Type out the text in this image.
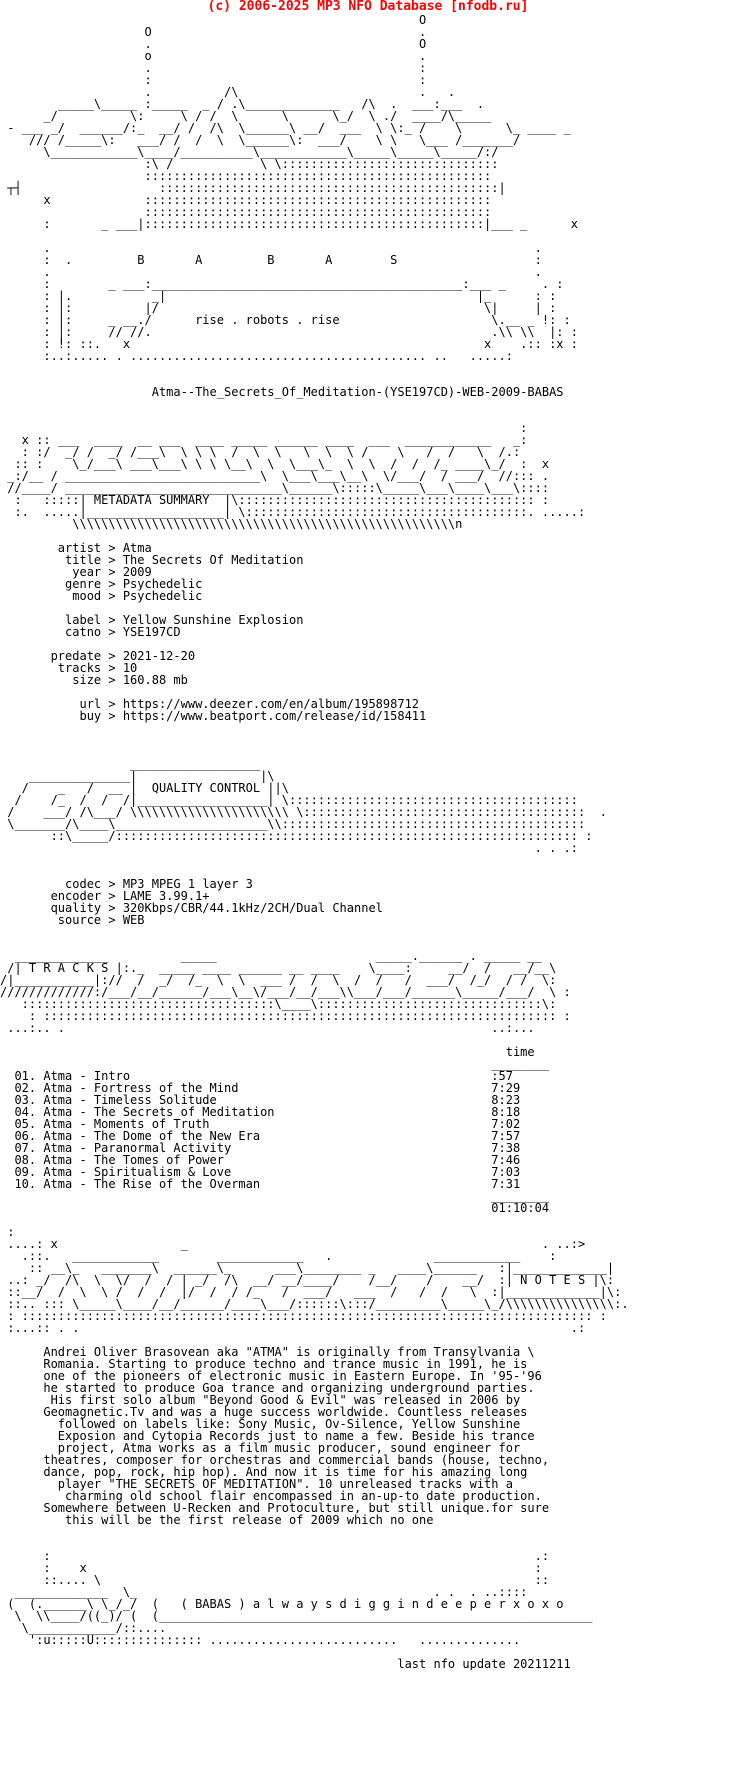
(c) 2006-2025 MP3 NFO Database [nfodb.ru]
O
O                                     .
.                                     O
o                                     .
.                                     :
:                                     :
.          /\                         .   .
_____\_____ :_____  _ / .\_____________   /\  .  ___:___  .
_/          \:     \ / /  \      \      \_/  \ ./  ____/\_____
- ___ _/  ______/:_  __/ /  /\  \______\ __/  ___  \ \:_ /    \      \_ ____ _
/// /_____\:   ___/ /  /  \  \______\:  ___/    \ \   \___ /_______/
\____________\____/__________\____________\_____\_____\_____/:/
:\ /            \ \::::::::::::::::::::::::::::::
::::::::::::::::::::::::::::::::::::::::::::::::
┬┤                   :::::::::::::::::::::::::::::::::::::::::::::::|
x             ::::::::::::::::::::::::::::::::::::::::::::::::
::::::::::::::::::::::::::::::::::::::::::::::::
:       _ ___|:::::::::::::::::::::::::::::::::::::::::::::::|___ _      x

.                                                                   .
:  .         B       A         B       A        S                   :
.                                                                   .
:        _ ___:___________________________________________:___ _     . :
: |.           _|                                           |_      : :
: |:          |/                                             \|     | :
: |:     _ __./      rise . robots . rise                     \.__ _ !: :
: |:     // //.                                               .\\ \\  |: :
: !: ::.   x                                                 x    .:: :x :
:..:..... . ......................................... ..   .....:

Atma--The_Secrets_Of_Meditation-(YSE197CD)-WEB-2009-BABAS

:
x :: ___  ____  __ ___  ____ _____ ______ ____  ___  ____________   _:
: :/  _/ /  _/ /___\  \ \ \  /  \  \   \  \  \ /    \   /  /   \  /.:
:: :    \_/___\ ___\___\ \ \ \__\  \  \___\_  \  \  /  /  /_ ____\_/  :  x
_:/__ / ___________________________\  \___\___\__\  \/___/  / ___/  //::: .
//____/ ______________________________\______\:::::\_____\___\____\___\::::
:   :::::| METADATA SUMMARY  |\::::::::::::::::::::::::::::::::::::::::: :
:.  .....|___________________| \:::::::::::::::::::::::::::::::::::::::. .....:
\\\\\\\\\\\\\\\\\\\\\\\\\\\\\\\\\\\\\\\\\\\\\\\\\\\\\n

artist > Atma
title > The Secrets Of Meditation
year > 2009
genre > Psychedelic
mood > Psychedelic

label > Yellow Sunshine Explosion
catno > YSE197CD

predate > 2021-12-20
tracks > 10
size > 160.88 mb

url > https://www.deezer.com/en/album/195898712
buy > https://www.beatport.com/release/id/158411

__________________
______________|                 |\
/    _   /  __ |  QUALITY CONTROL ||\
/    /_  /  /  /|__________________| \::::::::::::::::::::::::::::::::::::::::
/    ___/ /\___/ \\\\\\\\\\\\\\\\\\\\\\ \:::::::::::::::::::::::::::::::::::::::  .
\_______/\____\_____________________\\::::::::::::::::::::::::::::::::::::::::::
::\_____/:::::::::::::::::::::::::::::::::::::::::::::::::::::::::::::::: :
. . .:

codec > MP3 MPEG 1 layer 3
encoder > LAME 3.99.1+
quality > 320Kbps/CBR/44.1kHz/2CH/Dual Channel
source > WEB

_____________          _____                      _____.______ . _____ __
/| T R A C K S |:._  _____ ____ ______ __ ____    \____:     __/  /   __/__\
/|___________|://  /  _/  /_  \  \  ___ /  /  \  /  /   /  ___/  /_/  / /  \:
/////////////:/___/__/______/___\__\/___/__/___\\___/___/______\_____/___/  \ :
:::::::::::::::::::::::::::::::::::\____\:::::::::::::::::::::::::::::::\:
: ::::::::::::::::::::::::::::::::::::::::::::::::::::::::::::::::::::::: :
...:.. .                                                           ..:...

time
________
01. Atma - Intro                                                  :57
02. Atma - Fortress of the Mind                                   7:29
03. Atma - Timeless Solitude                                      8:23
04. Atma - The Secrets of Meditation                              8:18
05. Atma - Moments of Truth                                       7:02
06. Atma - The Dome of the New Era                                7:57
07. Atma - Paranormal Activity                                    7:38
08. Atma - The Tomes of Power                                     7:46
09. Atma - Spiritualism & Love                                    7:03
10. Atma - The Rise of the Overman                                7:31
________
01:10:04

:
....: x                 _                                                 . ..:>
.::.   ____________        ____________   .              ____________    :
:: __\_   _______\  ______\_      ___\________ _   ____\______   :|_____________|
..: _/  /\  \  \/  /  / | _/  /\  __/ __/____/    /__/    /    __/  :| N O T E S |\:
::__/  /  \  \ /  /  /  |/  /  / /_   /  ___/   ___  /   /  /   \  :|_____________|\:
::.. ::: \_____\____/__/______/____\___/::::::\:::/_________\_____\_/\\\\\\\\\\\\\\\:.
: ::::::::::::::::::::::::::::::::::::::::::::::::::::::::::::::::::::::::::::::: :
:...:: . .                                                                    .:

Andrei Oliver Brasovean aka "ATMA" is originally from Transylvania \
Romania. Starting to produce techno and trance music in 1991, he is
one of the pioneers of electronic music in Eastern Europe. In '95-'96
he started to produce Goa trance and organizing underground parties.
His first solo album "Beyond Good & Evil" was released in 2006 by
Geomagnetic.Tv and was a huge success worldwide. Countless releases
followed on labels like: Sony Music, Ov-Silence, Yellow Sunshine
Exposion and Cytopia Records just to name a few. Beside his trance
project, Atma works as a film music producer, sound engineer for
theatres, composer for orchestras and commercial bands (house, techno,
dance, pop, rock, hip hop). And now it is time for his amazing long
player "THE SECRETS OF MEDITATION". 10 unreleased tracks with a
charming old school flair encompassed in an-up-to date production.
Somewhere between U-Recken and Protoculture, but still unique.for sure
this will be the first release of 2009 which no one

:                                                                   .:
:    x                                                              :
::.... \                                                            ::
_____________  \_                                         . .  . ..::::
(  (.______\ \_/_/  (   ( BABAS ) a l w a y s d i g g i n d e e p e r x o x o
\  \\____/((_)/ (  (____________________________________________________________
\____________/::....
':u:::::U::::::::::::::: ..........................   ..............

last nfo update 20211211
